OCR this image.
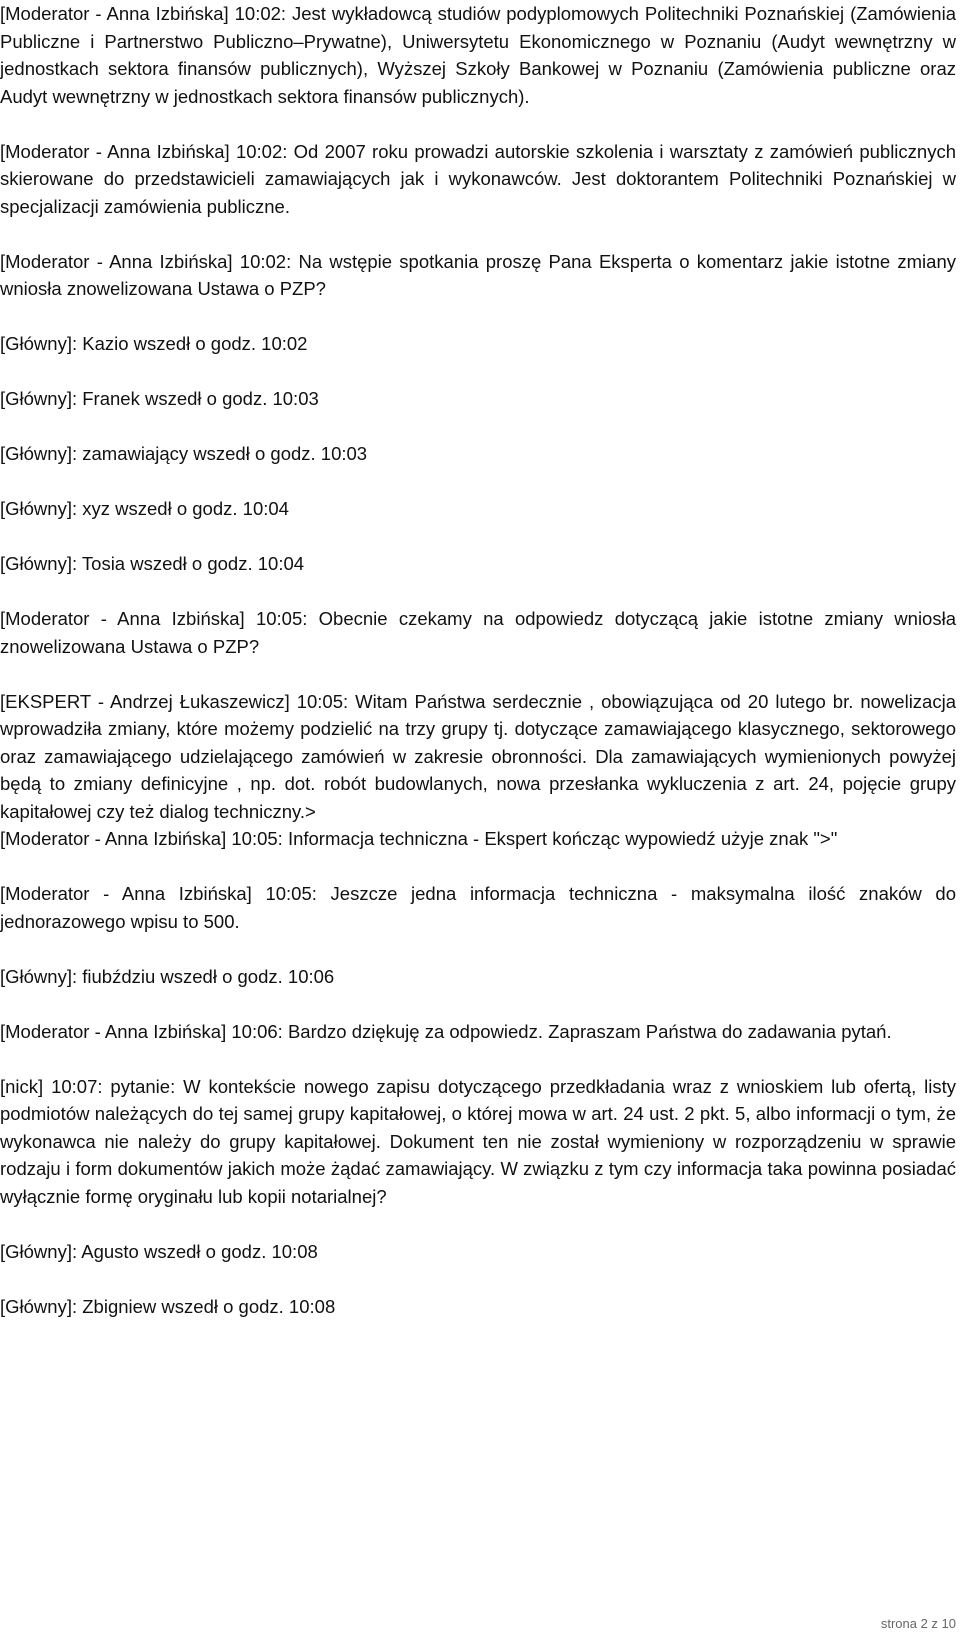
[Moderator - Anna Izbińska] 10:02: Jest wykładowcą studiów podyplomowych Politechniki Poznańskiej (Zamówienia Publiczne i Partnerstwo Publiczno–Prywatne), Uniwersytetu Ekonomicznego w Poznaniu (Audyt wewnętrzny w jednostkach sektora finansów publicznych), Wyższej Szkoły Bankowej w Poznaniu (Zamówienia publiczne oraz Audyt wewnętrzny w jednostkach sektora finansów publicznych).

[Moderator - Anna Izbińska] 10:02: Od 2007 roku prowadzi autorskie szkolenia i warsztaty z zamówień publicznych skierowane do przedstawicieli zamawiających jak i wykonawców. Jest doktorantem Politechniki Poznańskiej w specjalizacji zamówienia publiczne.

[Moderator - Anna Izbińska] 10:02: Na wstępie spotkania proszę Pana Eksperta o komentarz jakie istotne zmiany wniosła znowelizowana Ustawa o PZP?

[Główny]: Kazio wszedł o godz. 10:02

[Główny]: Franek wszedł o godz. 10:03

[Główny]: zamawiający wszedł o godz. 10:03

[Główny]: xyz wszedł o godz. 10:04

[Główny]: Tosia wszedł o godz. 10:04

[Moderator - Anna Izbińska] 10:05: Obecnie czekamy na odpowiedz dotyczącą jakie istotne zmiany wniosła znowelizowana Ustawa o PZP?

[EKSPERT - Andrzej Łukaszewicz] 10:05: Witam Państwa serdecznie , obowiązująca od 20 lutego br. nowelizacja wprowadziła zmiany, które możemy podzielić na trzy grupy tj. dotyczące zamawiającego klasycznego, sektorowego oraz zamawiającego udzielającego zamówień w zakresie obronności. Dla zamawiających wymienionych powyżej będą to zmiany definicyjne , np. dot. robót budowlanych, nowa przesłanka wykluczenia z art. 24, pojęcie grupy kapitałowej czy też dialog techniczny.>

[Moderator - Anna Izbińska] 10:05: Informacja techniczna - Ekspert kończąc wypowiedź użyje znak ">"

[Moderator - Anna Izbińska] 10:05: Jeszcze jedna informacja techniczna - maksymalna ilość znaków do jednorazowego wpisu to 500.

[Główny]: fiubździu wszedł o godz. 10:06

[Moderator - Anna Izbińska] 10:06: Bardzo dziękuję za odpowiedz. Zapraszam Państwa do zadawania pytań.

[nick] 10:07: pytanie: W kontekście nowego zapisu dotyczącego przedkładania wraz z wnioskiem lub ofertą, listy podmiotów należących do tej samej grupy kapitałowej, o której mowa w art. 24 ust. 2 pkt. 5, albo informacji o tym, że wykonawca nie należy do grupy kapitałowej. Dokument ten nie został wymieniony w rozporządzeniu w sprawie rodzaju i form dokumentów jakich może żądać zamawiający. W związku z tym czy informacja taka powinna posiadać wyłącznie formę oryginału lub kopii notarialnej?

[Główny]: Agusto wszedł o godz. 10:08

[Główny]: Zbigniew wszedł o godz. 10:08

strona 2 z 10
